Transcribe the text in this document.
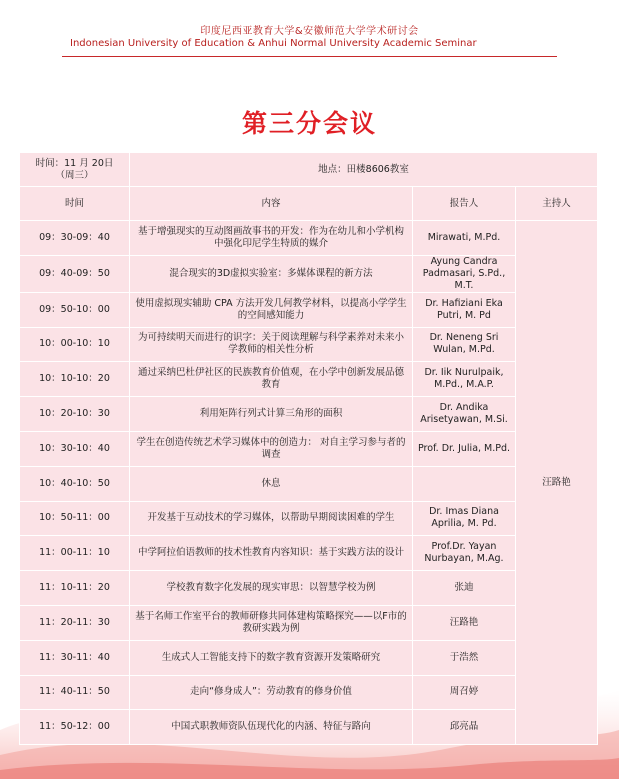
印度尼西亚教育大学&安徽师范大学学术研讨会
Indonesian University of Education & Anhui Normal University Academic Seminar
第三分会议
时间：11 月 20日
（周三）	地点：田楼8606教室		
时间	内容	报告人	主持人
09：30-09：40	基于增强现实的互动图画故事书的开发：作为在幼儿和小学机构中强化印尼学生特质的媒介	Mirawati, M.Pd.	汪路艳
09：40-09：50	混合现实的3D虚拟实验室：多媒体课程的新方法	Ayung Candra Padmasari, S.Pd., M.T.	
09：50-10：00	使用虚拟现实辅助 CPA 方法开发几何教学材料，以提高小学学生的空间感知能力	Dr. Hafiziani Eka Putri, M. Pd	
10：00-10：10	为可持续明天而进行的识字：关于阅读理解与科学素养对未来小学教师的相关性分析	Dr. Neneng Sri Wulan, M.Pd.	
10：10-10：20	通过采纳巴杜伊社区的民族教育价值观，在小学中创新发展品德教育	Dr. Iik Nurulpaik, M.Pd., M.A.P.	
10：20-10：30	利用矩阵行列式计算三角形的面积	Dr. Andika Arisetyawan, M.Si.	
10：30-10：40	学生在创造传统艺术学习媒体中的创造力： 对自主学习参与者的调查	Prof. Dr. Julia, M.Pd.	
10：40-10：50	休息		
10：50-11：00	开发基于互动技术的学习媒体，以帮助早期阅读困难的学生	Dr. Imas Diana Aprilia, M. Pd.	
11：00-11：10	中学阿拉伯语教师的技术性教育内容知识：基于实践方法的设计	Prof.Dr. Yayan Nurbayan, M.Ag.	
11：10-11：20	学校教育数字化发展的现实审思：以智慧学校为例	张迪	
11：20-11：30	基于名师工作室平台的教师研修共同体建构策略探究——以F市的教研实践为例	汪路艳	
11：30-11：40	生成式人工智能支持下的数字教育资源开发策略研究	于浩然	
11：40-11：50	走向“修身成人”：劳动教育的修身价值	周召婷	
11：50-12：00	中国式职教师资队伍现代化的内涵、特征与路向	邱亮晶	
